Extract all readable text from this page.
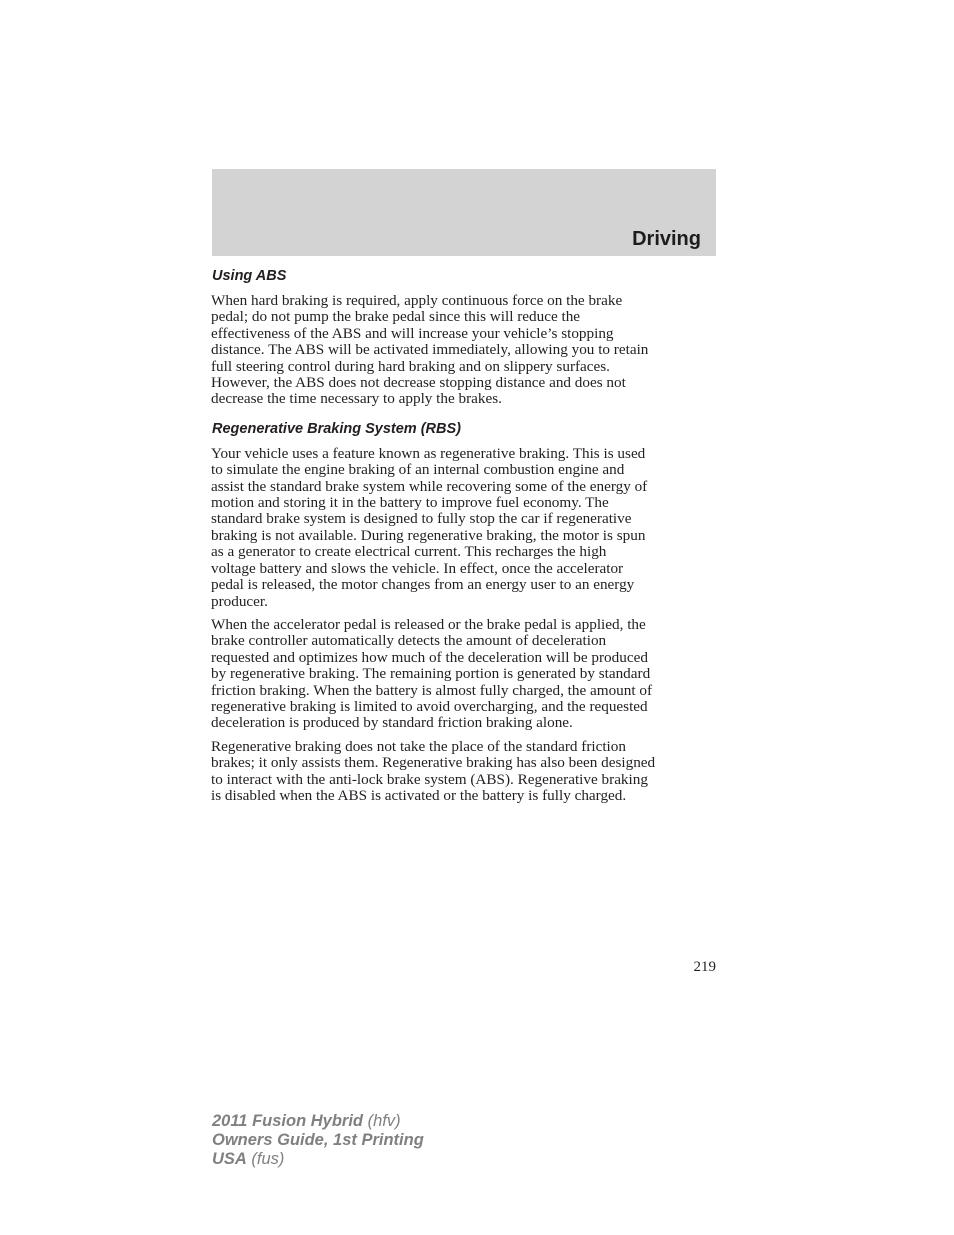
Driving
Using ABS

When hard braking is required, apply continuous force on the brake
pedal; do not pump the brake pedal since this will reduce the
effectiveness of the ABS and will increase your vehicle’s stopping
distance. The ABS will be activated immediately, allowing you to retain
full steering control during hard braking and on slippery surfaces.
However, the ABS does not decrease stopping distance and does not
decrease the time necessary to apply the brakes.

Regenerative Braking System (RBS)

Your vehicle uses a feature known as regenerative braking. This is used
to simulate the engine braking of an internal combustion engine and
assist the standard brake system while recovering some of the energy of
motion and storing it in the battery to improve fuel economy. The
standard brake system is designed to fully stop the car if regenerative
braking is not available. During regenerative braking, the motor is spun
as a generator to create electrical current. This recharges the high
voltage battery and slows the vehicle. In effect, once the accelerator
pedal is released, the motor changes from an energy user to an energy
producer.

When the accelerator pedal is released or the brake pedal is applied, the
brake controller automatically detects the amount of deceleration
requested and optimizes how much of the deceleration will be produced
by regenerative braking. The remaining portion is generated by standard
friction braking. When the battery is almost fully charged, the amount of
regenerative braking is limited to avoid overcharging, and the requested
deceleration is produced by standard friction braking alone.

Regenerative braking does not take the place of the standard friction
brakes; it only assists them. Regenerative braking has also been designed
to interact with the anti-lock brake system (ABS). Regenerative braking
is disabled when the ABS is activated or the battery is fully charged.

219
2011 Fusion Hybrid (hfv)
Owners Guide, 1st Printing
USA (fus)
